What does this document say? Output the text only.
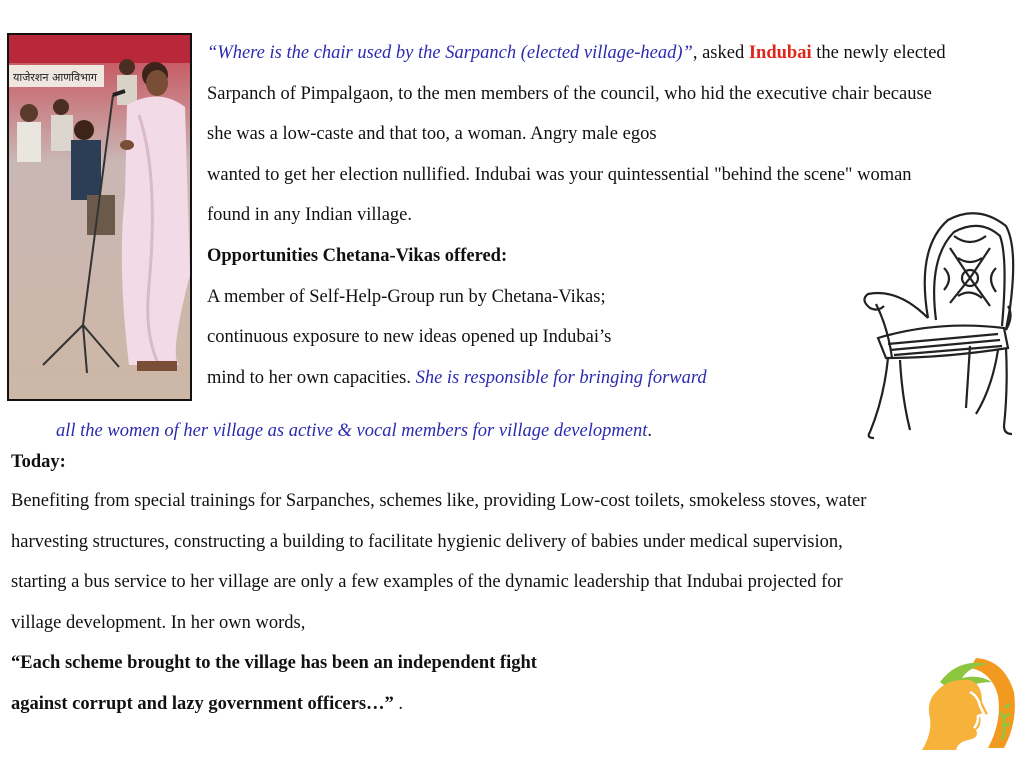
याजेरशन आणविभाग
“Where is the chair used by the Sarpanch (elected village-head)”, asked Indubai the newly elected
Sarpanch of Pimpalgaon, to the men members of the council, who hid the executive chair because
she was a low-caste and that too, a woman. Angry male egos
wanted to get her election nullified. Indubai was your quintessential "behind the scene" woman
found in any Indian village.
Opportunities Chetana-Vikas offered:
A member of Self-Help-Group run by Chetana-Vikas;
continuous exposure to new ideas opened up Indubai’s
mind to her own capacities. She is responsible for bringing forward
all the women of her village as active & vocal members for village development.
Today:
Benefiting from special trainings for Sarpanches, schemes like, providing Low-cost toilets, smokeless stoves, water
harvesting structures, constructing a building to facilitate hygienic delivery of babies under medical supervision,
starting a bus service to her village are only a few examples of the dynamic leadership that Indubai projected for
village development. In her own words,
“Each scheme brought to the village has been an independent fight
against corrupt and lazy government officers…” .
